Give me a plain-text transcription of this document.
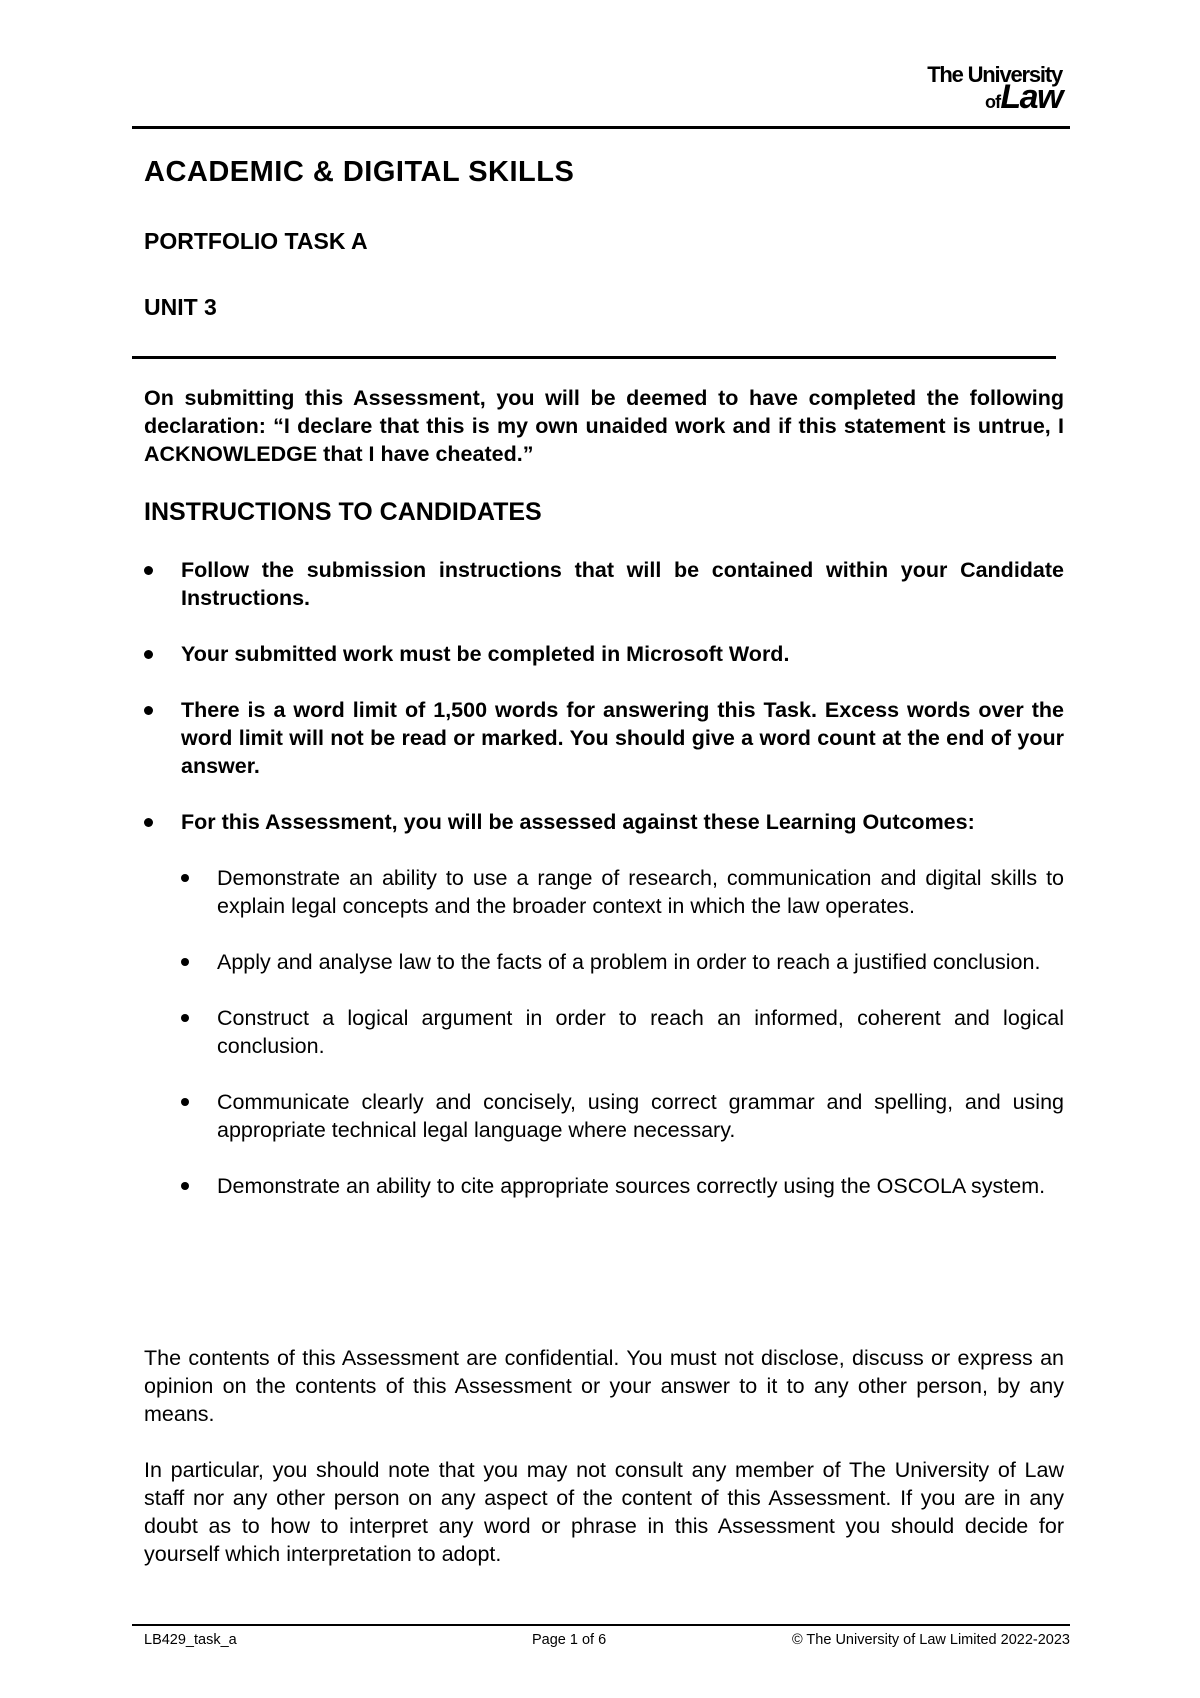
The University
ofLaw
ACADEMIC & DIGITAL SKILLS
PORTFOLIO TASK A
UNIT 3
On submitting this Assessment, you will be deemed to have completed the following declaration: “I declare that this is my own unaided work and if this statement is untrue, I ACKNOWLEDGE that I have cheated.”
INSTRUCTIONS TO CANDIDATES
Follow the submission instructions that will be contained within your Candidate Instructions.
Your submitted work must be completed in Microsoft Word.
There is a word limit of 1,500 words for answering this Task. Excess words over the word limit will not be read or marked. You should give a word count at the end of your answer.
For this Assessment, you will be assessed against these Learning Outcomes:
Demonstrate an ability to use a range of research, communication and digital skills to explain legal concepts and the broader context in which the law operates.
Apply and analyse law to the facts of a problem in order to reach a justified conclusion.
Construct a logical argument in order to reach an informed, coherent and logical conclusion.
Communicate clearly and concisely, using correct grammar and spelling, and using appropriate technical legal language where necessary.
Demonstrate an ability to cite appropriate sources correctly using the OSCOLA system.
The contents of this Assessment are confidential. You must not disclose, discuss or express an opinion on the contents of this Assessment or your answer to it to any other person, by any means.
In particular, you should note that you may not consult any member of The University of Law staff nor any other person on any aspect of the content of this Assessment. If you are in any doubt as to how to interpret any word or phrase in this Assessment you should decide for yourself which interpretation to adopt.
LB429_task_a	Page 1 of 6	© The University of Law Limited 2022-2023
